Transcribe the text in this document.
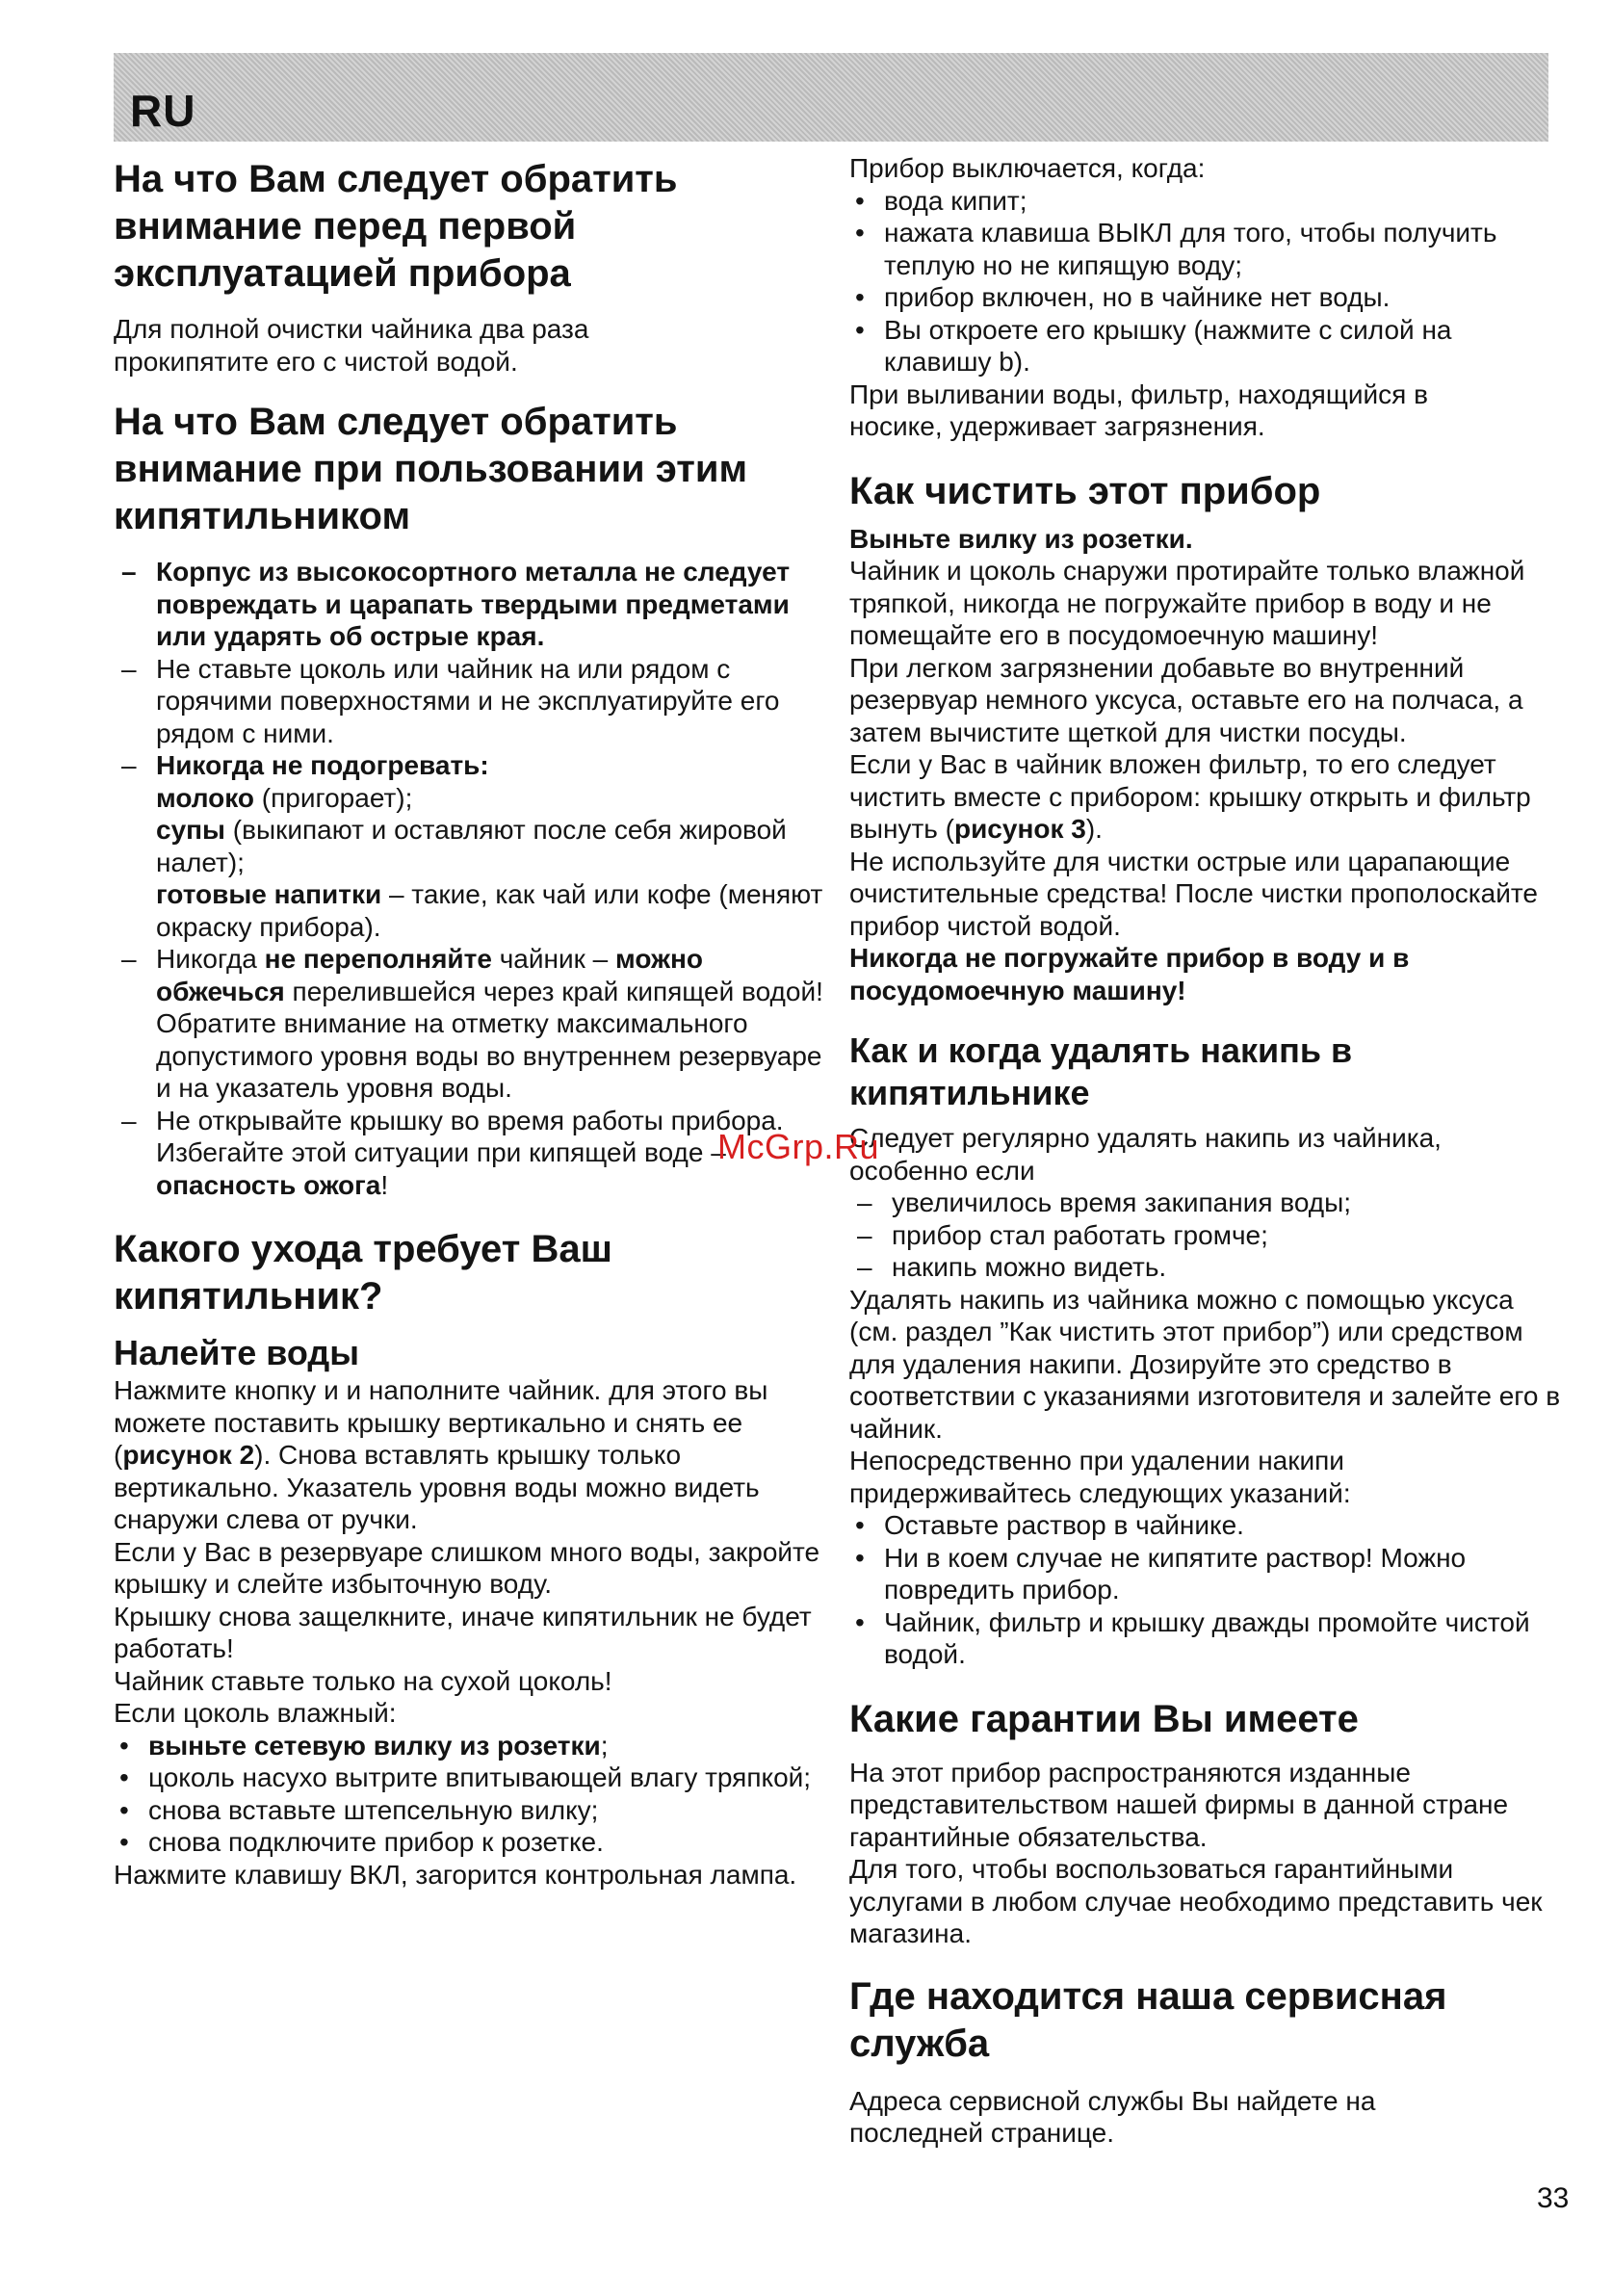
RU
На что Вам следует обратить внимание перед первой эксплуатацией прибора

Для полной очистки чайника два раза прокипятите его с чистой водой.

На что Вам следует обратить внимание при пользовании этим кипятильником
– Корпус из высокосортного металла не следует повреждать и царапать твердыми предметами или ударять об острые края.
– Не ставьте цоколь или чайник на или рядом с горячими поверхностями и не эксплуатируйте его рядом с ними.
– Никогда не подогревать:
молоко (пригорает);
супы (выкипают и оставляют после себя жировой налет);
готовые напитки – такие, как чай или кофе (меняют окраску прибора).
– Никогда не переполняйте чайник – можно обжечься перелившейся через край кипящей водой! Обратите внимание на отметку максимального допустимого уровня воды во внутреннем резервуаре и на указатель уровня воды.
– Не открывайте крышку во время работы прибора. Избегайте этой ситуации при кипящей воде – опасность ожога!
Какого ухода требует Ваш кипятильник?
Налейте воды

Нажмите кнопку и и наполните чайник. для этого вы можете поставить крышку вертикально и снять ее (рисунок 2). Снова вставлять крышку только вертикально. Указатель уровня воды можно видеть снаружи слева от ручки.

Если у Вас в резервуаре слишком много воды, закройте крышку и слейте избыточную воду.

Крышку снова защелкните, иначе кипятильник не будет работать!

Чайник ставьте только на сухой цоколь!

Если цоколь влажный:

• выньте сетевую вилку из розетки;
• цоколь насухо вытрите впитывающей влагу тряпкой;
• снова вставьте штепсельную вилку;
• снова подключите прибор к розетке.

Нажмите клавишу ВКЛ, загорится контрольная лампа.

Прибор выключается, когда:

• вода кипит;
• нажата клавиша ВЫКЛ для того, чтобы получить теплую но не кипящую воду;
• прибор включен, но в чайнике нет воды.
• Вы откроете его крышку (нажмите с силой на клавишу b).

При выливании воды, фильтр, находящийся в носике, удерживает загрязнения.

Как чистить этот прибор

Выньте вилку из розетки.

Чайник и цоколь снаружи протирайте только влажной тряпкой, никогда не погружайте прибор в воду и не помещайте его в посудомоечную машину!

При легком загрязнении добавьте во внутренний резервуар немного уксуса, оставьте его на полчаса, а затем вычистите щеткой для чистки посуды.

Если у Вас в чайник вложен фильтр, то его следует чистить вместе с прибором: крышку открыть и фильтр вынуть (рисунок 3).

Не используйте для чистки острые или царапающие очистительные средства! После чистки прополоскайте прибор чистой водой.

Никогда не погружайте прибор в воду и в посудомоечную машину!

Как и когда удалять накипь в кипятильнике

Следует регулярно удалять накипь из чайника, особенно если

– увеличилось время закипания воды;
– прибор стал работать громче;
– накипь можно видеть.

Удалять накипь из чайника можно с помощью уксуса (см. раздел ”Как чистить этот прибор”) или средством для удаления накипи. Дозируйте это средство в соответствии с указаниями изготовителя и залейте его в чайник.

Непосредственно при удалении накипи придерживайтесь следующих указаний:

• Оставьте раствор в чайнике.
• Ни в коем случае не кипятите раствор! Можно повредить прибор.
• Чайник, фильтр и крышку дважды промойте чистой водой.
Какие гарантии Вы имеете

На этот прибор распространяются изданные представительством нашей фирмы в данной стране гарантийные обязательства.

Для того, чтобы воспользоваться гарантийными услугами в любом случае необходимо представить чек магазина.

Где находится наша сервисная служба

Адреса сервисной службы Вы найдете на последней странице.

McGrp.Ru
33
